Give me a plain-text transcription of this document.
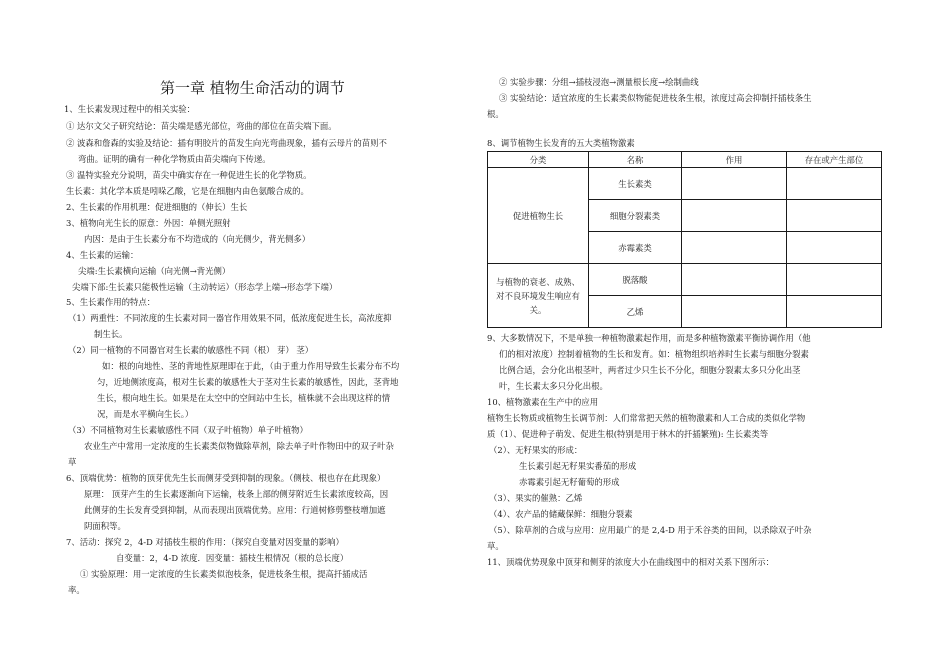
第一章 植物生命活动的调节
1、生长素发现过程中的相关实验：
① 达尔文父子研究结论：苗尖端是感光部位，弯曲的部位在苗尖端下面。
② 波森和詹森的实验及结论：插有明胶片的苗发生向光弯曲现象，插有云母片的苗则不
弯曲。证明的确有一种化学物质由苗尖端向下传递。
③ 温特实验充分说明，苗尖中确实存在一种促进生长的化学物质。
生长素：其化学本质是吲哚乙酸，它是在细胞内由色氨酸合成的。
2、生长素的作用机理：促进细胞的（伸长）生长
3、植物向光生长的原意：外因：单侧光照射
内因：是由于生长素分布不均造成的（向光侧少，背光侧多）
4、生长素的运输：
尖端:生长素横向运输（向光侧→背光侧）
尖端下部:生长素只能极性运输（主动转运）（形态学上端→形态学下端）
5、生长素作用的特点：
（1）两重性：不同浓度的生长素对同一器官作用效果不同，低浓度促进生长，高浓度抑
制生长。
（2）同一植物的不同器官对生长素的敏感性不同（根） 芽） 茎）
如：根的向地性、茎的背地性原理即在于此，（由于重力作用导致生长素分布不均
匀，近地侧浓度高，根对生长素的敏感性大于茎对生长素的敏感性，因此，茎背地
生长，根向地生长。如果是在太空中的空间站中生长，植株就不会出现这样的情
况，而是水平横向生长。）
（3）不同植物对生长素敏感性不同（双子叶植物）单子叶植物）
农业生产中常用一定浓度的生长素类似物做除草剂，除去单子叶作物田中的双子叶杂
草
6、顶端优势：植物的顶芽优先生长而侧芽受到抑制的现象。（侧枝、根也存在此现象）
原理： 顶芽产生的生长素逐渐向下运输，枝条上部的侧芽附近生长素浓度较高，因
此侧芽的生长发育受到抑制，从而表现出顶端优势。应用：行道树修剪整枝增加遮
阴面积等。
7、活动：探究 2，4-D 对插枝生根的作用：（探究自变量对因变量的影响）
自变量：2，4-D 浓度．因变量：插枝生根情况（根的总长度）
① 实验原理：用一定浓度的生长素类似泡枝条，促进枝条生根，提高扦插成活
率。
② 实验步骤：分组→插枝浸泡→测量根长度→绘制曲线
③ 实验结论：适宜浓度的生长素类似物能促进枝条生根，浓度过高会抑制扦插枝条生
根。
8、调节植物生长发育的五大类植物激素
分类	名称	作用	存在或产生部位
促进植物生长	生长素类		
	细胞分裂素类		
	赤霉素类		

与植物的衰老、成熟、对不良环境发生响应有关。	脱落酸		
	乙烯		
9、大多数情况下，不是单独一种植物激素起作用，而是多种植物激素平衡协调作用（他
们的相对浓度）控制着植物的生长和发育。如：植物组织培养时生长素与细胞分裂素
比例合适，会分化出根茎叶，两者过少只生长不分化，细胞分裂素太多只分化出茎
叶，生长素太多只分化出根。
10、植物激素在生产中的应用
植物生长物质或植物生长调节剂：人们常常把天然的植物激素和人工合成的类似化学物
质（1）、促进种子萌发、促进生根(特别是用于林木的扦插繁殖): 生长素类等
（2）、无籽果实的形成：
生长素引起无籽果实番茄的形成
赤霉素引起无籽葡萄的形成
（3）、果实的催熟：乙烯
（4）、农产品的储藏保鲜：细胞分裂素
（5）、除草剂的合成与应用：应用最广的是 2,4-D 用于禾谷类的田间，以杀除双子叶杂
草。
11、顶端优势现象中顶芽和侧芽的浓度大小在曲线图中的相对关系下图所示：
